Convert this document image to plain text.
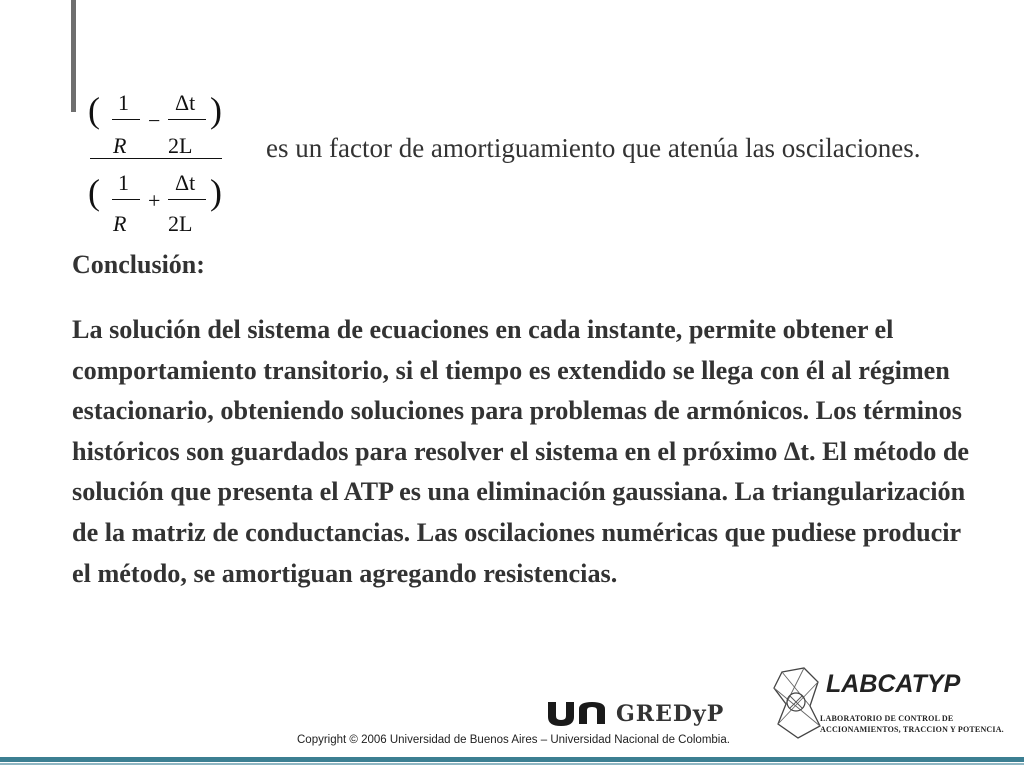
( 1
R
−
Δt
2L
)
( 1
R
+
Δt
2L
)
es un factor de amortiguamiento que atenúa las oscilaciones.
Conclusión:

La solución del sistema de ecuaciones en cada instante, permite obtener el comportamiento transitorio, si el tiempo es extendido se llega con él al régimen estacionario, obteniendo soluciones para problemas de armónicos. Los términos históricos son guardados para resolver el sistema en el próximo Δt. El método de solución que presenta el ATP es una eliminación gaussiana. La triangularización de la matriz de conductancias. Las oscilaciones numéricas que pudiese producir el método, se amortiguan agregando resistencias.

GREDyP
Copyright © 2006 Universidad de Buenos Aires – Universidad Nacional de Colombia.
LABCATYP
LABORATORIO DE CONTROL DE ACCIONAMIENTOS, TRACCION Y POTENCIA.
